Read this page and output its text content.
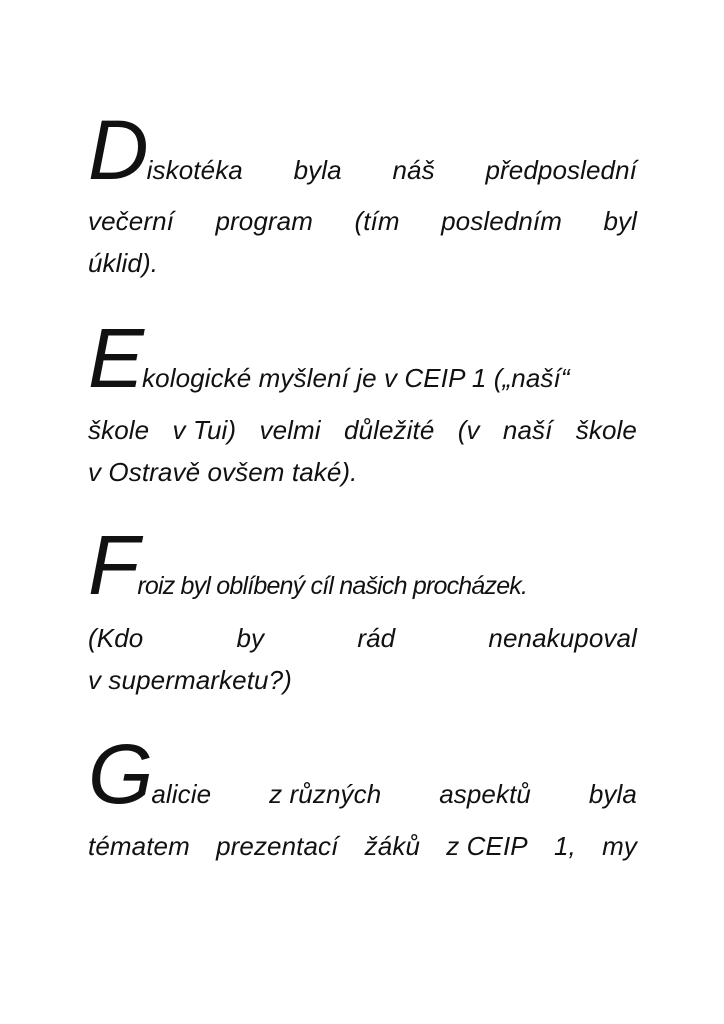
D iskotéka byla náš předposlední
večerní program (tím posledním byl
úklid).
E kologické myšlení je v CEIP 1 („naší“
škole v Tui) velmi důležité (v naší škole
v Ostravě ovšem také).
F roiz byl oblíbený cíl našich procházek.
(Kdo	by	rád	nenakupoval
v supermarketu?)
G alicie z různých aspektů byla
tématem prezentací žáků z CEIP 1, my
